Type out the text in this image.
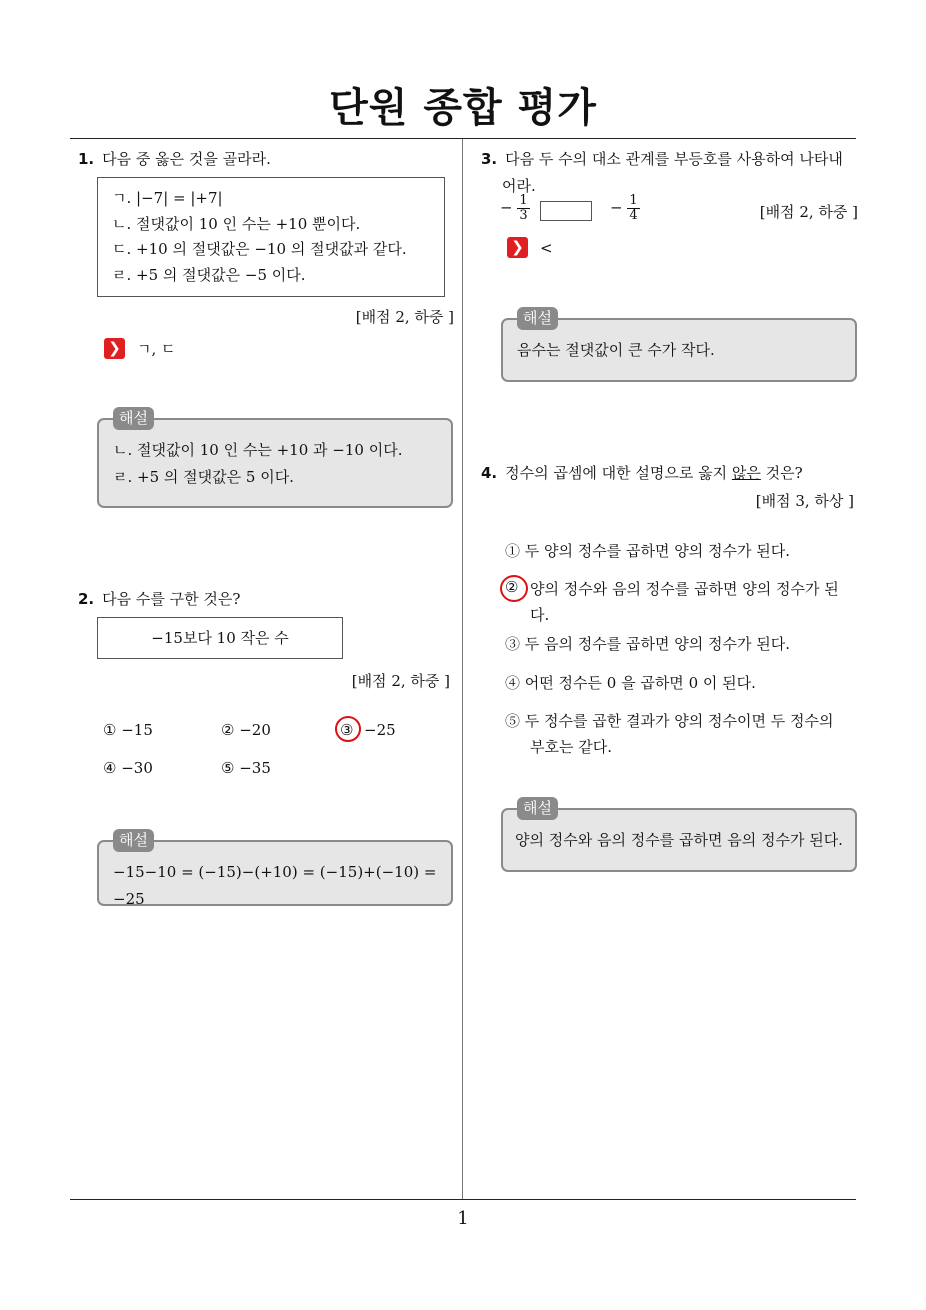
단원 종합 평가
1. 다음 중 옳은 것을 골라라.
ㄱ. |−7| = |+7|
ㄴ. 절댓값이 10 인 수는 +10 뿐이다.
ㄷ. +10 의 절댓값은 −10 의 절댓값과 같다.
ㄹ. +5 의 절댓값은 −5 이다.
[배점 2, 하중 ]
❯ ㄱ, ㄷ
해설
ㄴ. 절댓값이 10 인 수는 +10 과 −10 이다.
ㄹ. +5 의 절댓값은 5 이다.
2. 다음 수를 구한 것은?
−15보다 10 작은 수
[배점 2, 하중 ]
① −15	② −20	③ −25
④ −30	⑤ −35
해설
−15−10 = (−15)−(+10) = (−15)+(−10) = −25
3. 다음 두 수의 대소 관계를 부등호를 사용하여 나타내
어라.
− $\frac{1}{3}$	− $\frac{1}{4}$	[배점 2, 하중 ]
❯ <
해설
음수는 절댓값이 큰 수가 작다.
4. 정수의 곱셈에 대한 설명으로 옳지 않은 것은?
[배점 3, 하상 ]
① 두 양의 정수를 곱하면 양의 정수가 된다.
② 양의 정수와 음의 정수를 곱하면 양의 정수가 된
다.
③ 두 음의 정수를 곱하면 양의 정수가 된다.
④ 어떤 정수든 0 을 곱하면 0 이 된다.
⑤ 두 정수를 곱한 결과가 양의 정수이면 두 정수의
부호는 같다.
해설
양의 정수와 음의 정수를 곱하면 음의 정수가 된다.
1
